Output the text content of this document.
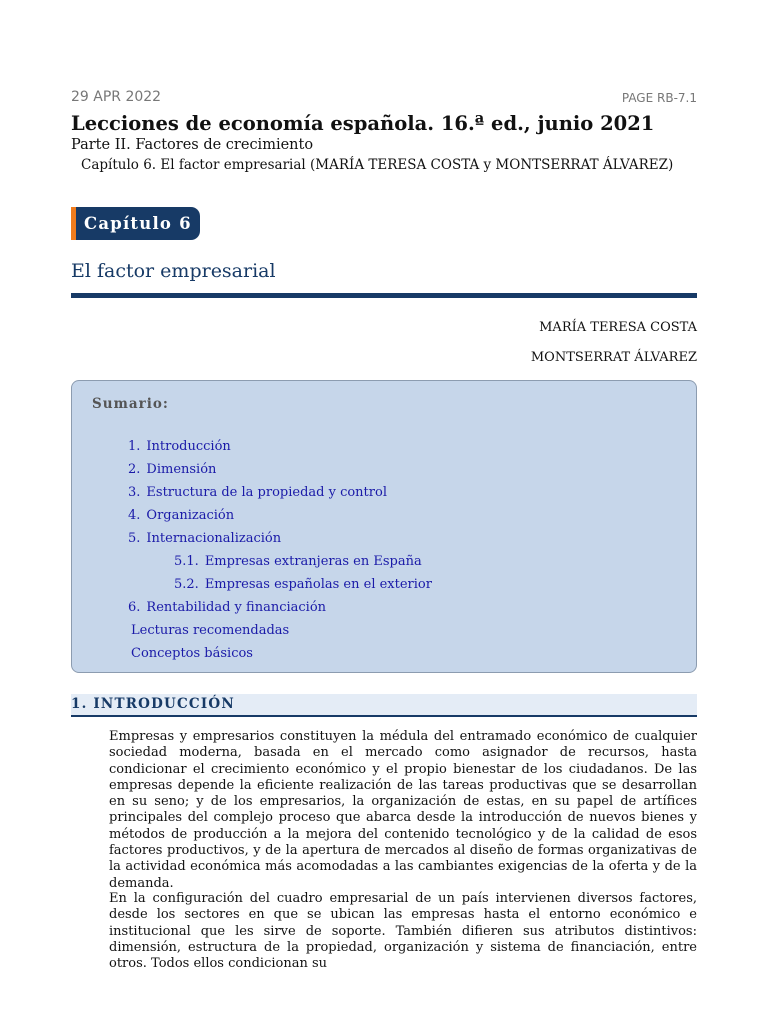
29 APR 2022	PAGE RB-7.1
Lecciones de economía española. 16.ª ed., junio 2021
Parte II. Factores de crecimiento
Capítulo 6. El factor empresarial (MARÍA TERESA COSTA y MONTSERRAT ÁLVAREZ)
Capítulo 6
El factor empresarial
MARÍA TERESA COSTA
MONTSERRAT ÁLVAREZ
Sumario:
1. Introducción
2. Dimensión
3. Estructura de la propiedad y control
4. Organización
5. Internacionalización
5.1. Empresas extranjeras en España
5.2. Empresas españolas en el exterior
6. Rentabilidad y financiación
Lecturas recomendadas
Conceptos básicos
1. INTRODUCCIÓN

Empresas y empresarios constituyen la médula del entramado económico de cualquier sociedad moderna, basada en el mercado como asignador de recursos, hasta condicionar el crecimiento económico y el propio bienestar de los ciudadanos. De las empresas depende la eficiente realización de las tareas productivas que se desarrollan en su seno; y de los empresarios, la organización de estas, en su papel de artífices principales del complejo proceso que abarca desde la introducción de nuevos bienes y métodos de producción a la mejora del contenido tecnológico y de la calidad de esos factores productivos, y de la apertura de mercados al diseño de formas organizativas de la actividad económica más acomodadas a las cambiantes exigencias de la oferta y de la demanda.

En la configuración del cuadro empresarial de un país intervienen diversos factores, desde los sectores en que se ubican las empresas hasta el entorno económico e institucional que les sirve de soporte. También difieren sus atributos distintivos: dimensión, estructura de la propiedad, organización y sistema de financiación, entre otros. Todos ellos condicionan su
